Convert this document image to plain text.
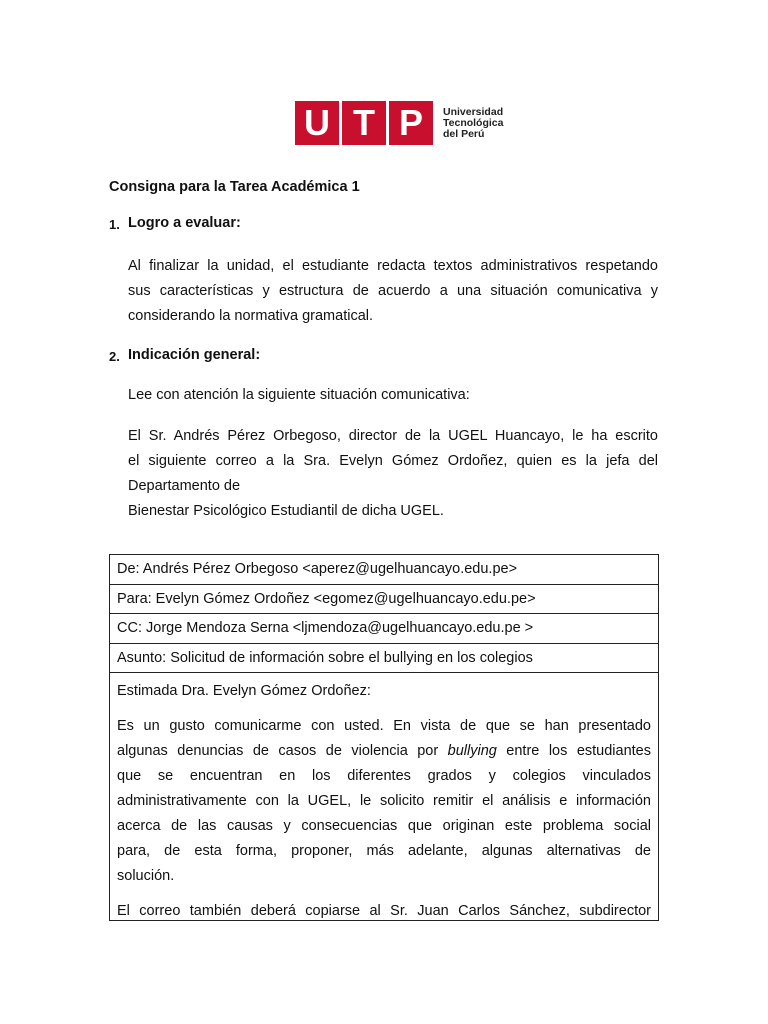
U T P	Universidad
Tecnológica
del Perú
Consigna para la Tarea Académica 1
1. Logro a evaluar:
Al finalizar la unidad, el estudiante redacta textos administrativos respetando
sus características y estructura de acuerdo a una situación comunicativa y
considerando la normativa gramatical.
2. Indicación general:

Lee con atención la siguiente situación comunicativa:

El Sr. Andrés Pérez Orbegoso, director de la UGEL Huancayo, le ha escrito
el siguiente correo a la Sra. Evelyn Gómez Ordoñez, quien es la jefa del
Departamento de
Bienestar Psicológico Estudiantil de dicha UGEL.
De: Andrés Pérez Orbegoso <aperez@ugelhuancayo.edu.pe>
Para: Evelyn Gómez Ordoñez <egomez@ugelhuancayo.edu.pe>
CC: Jorge Mendoza Serna <ljmendoza@ugelhuancayo.edu.pe >
Asunto: Solicitud de información sobre el bullying en los colegios

Estimada Dra. Evelyn Gómez Ordoñez:

Es un gusto comunicarme con usted. En vista de que se han presentado
algunas denuncias de casos de violencia por bullying entre los estudiantes
que se encuentran en los diferentes grados y colegios vinculados
administrativamente con la UGEL, le solicito remitir el análisis e información
acerca de las causas y consecuencias que originan este problema social
para, de esta forma, proponer, más adelante, algunas alternativas de
solución.

El correo también deberá copiarse al Sr. Juan Carlos Sánchez, subdirector
